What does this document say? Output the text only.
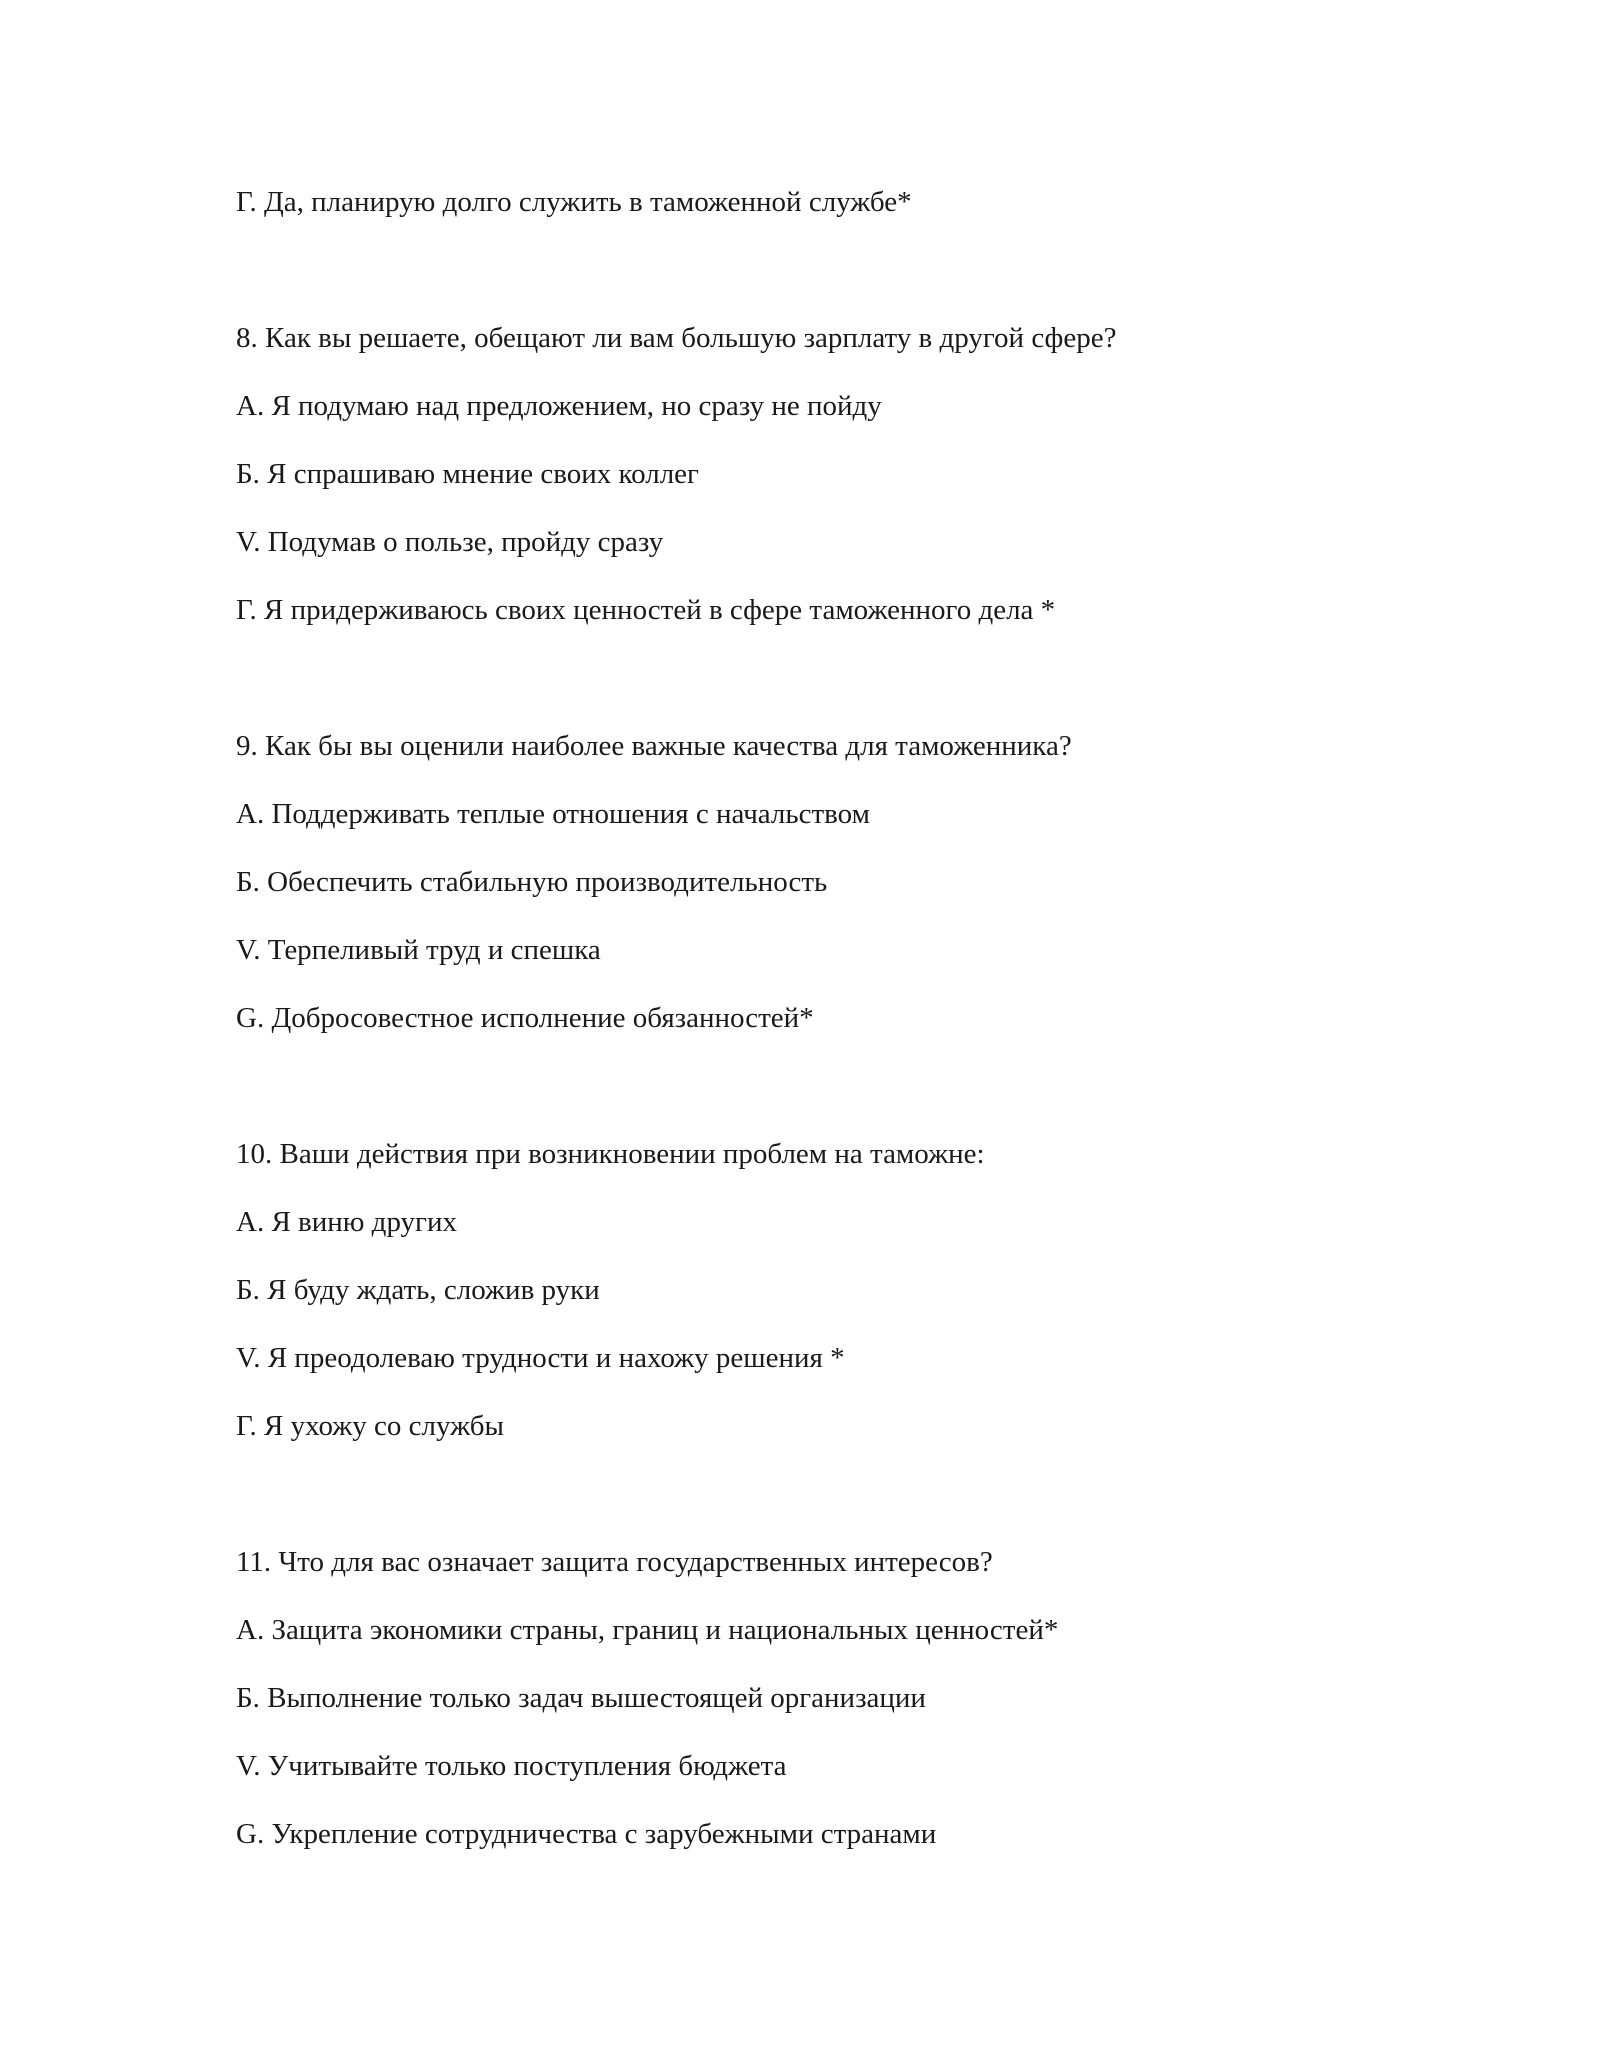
Г. Да, планирую долго служить в таможенной службе*
8. Как вы решаете, обещают ли вам большую зарплату в другой сфере?
А. Я подумаю над предложением, но сразу не пойду
Б. Я спрашиваю мнение своих коллег
V. Подумав о пользе, пройду сразу
Г. Я придерживаюсь своих ценностей в сфере таможенного дела *
9. Как бы вы оценили наиболее важные качества для таможенника?
А. Поддерживать теплые отношения с начальством
Б. Обеспечить стабильную производительность
V. Терпеливый труд и спешка
G. Добросовестное исполнение обязанностей*
10. Ваши действия при возникновении проблем на таможне:
А. Я виню других
Б. Я буду ждать, сложив руки
V. Я преодолеваю трудности и нахожу решения *
Г. Я ухожу со службы
11. Что для вас означает защита государственных интересов?
А. Защита экономики страны, границ и национальных ценностей*
Б. Выполнение только задач вышестоящей организации
V. Учитывайте только поступления бюджета
G. Укрепление сотрудничества с зарубежными странами
